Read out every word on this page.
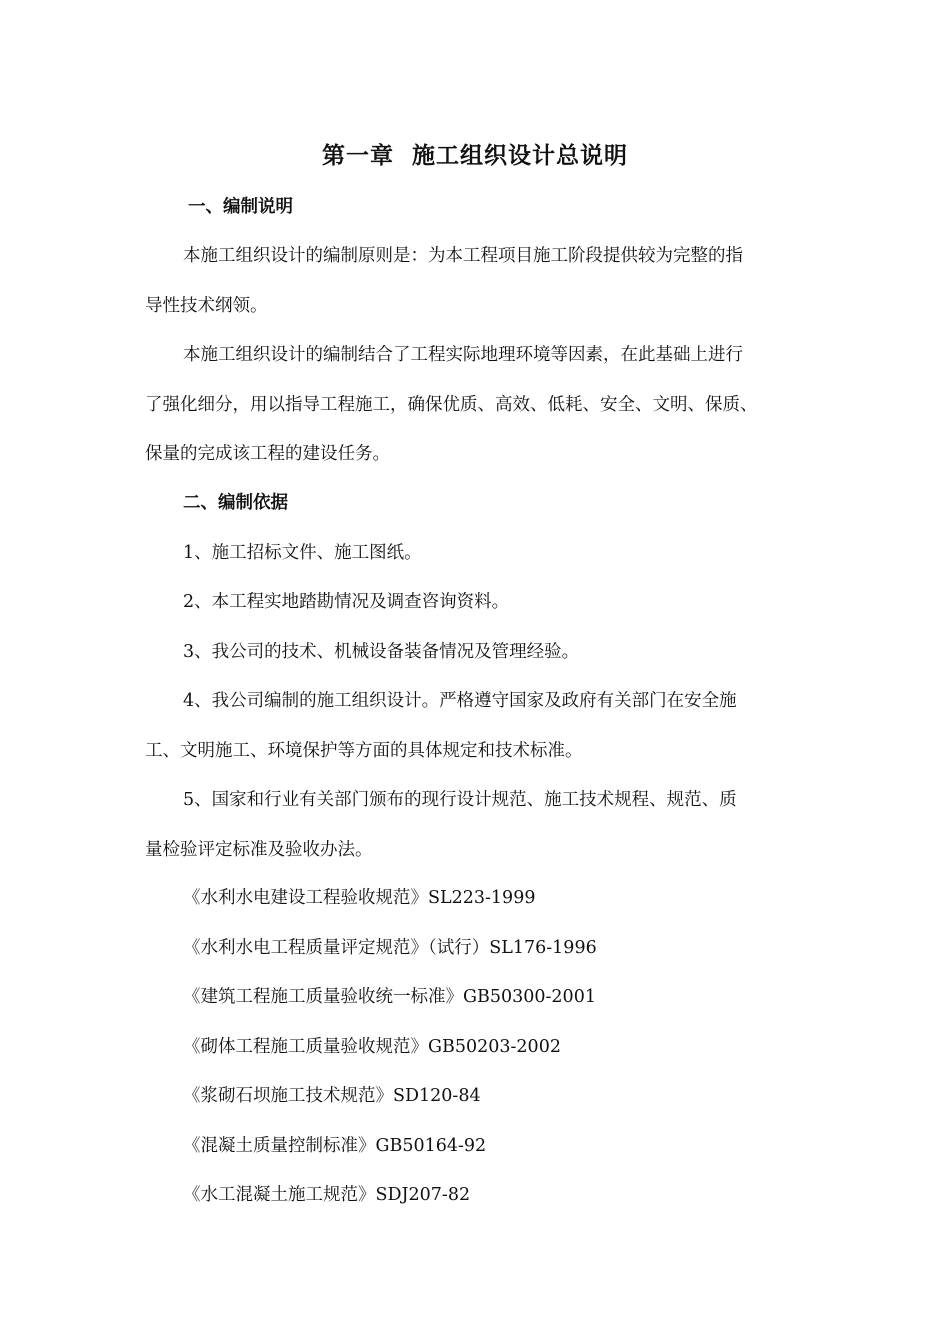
第一章  施工组织设计总说明
一、编制说明
本施工组织设计的编制原则是：为本工程项目施工阶段提供较为完整的指
导性技术纲领。
本施工组织设计的编制结合了工程实际地理环境等因素，在此基础上进行
了强化细分，用以指导工程施工，确保优质、高效、低耗、安全、文明、保质、
保量的完成该工程的建设任务。
二、编制依据
1、施工招标文件、施工图纸。
2、本工程实地踏勘情况及调查咨询资料。
3、我公司的技术、机械设备装备情况及管理经验。
4、我公司编制的施工组织设计。严格遵守国家及政府有关部门在安全施
工、文明施工、环境保护等方面的具体规定和技术标准。
5、国家和行业有关部门颁布的现行设计规范、施工技术规程、规范、质
量检验评定标准及验收办法。
《水利水电建设工程验收规范》SL223-1999
《水利水电工程质量评定规范》（试行）SL176-1996
《建筑工程施工质量验收统一标准》GB50300-2001
《砌体工程施工质量验收规范》GB50203-2002
《浆砌石坝施工技术规范》SD120-84
《混凝土质量控制标准》GB50164-92
《水工混凝土施工规范》SDJ207-82
